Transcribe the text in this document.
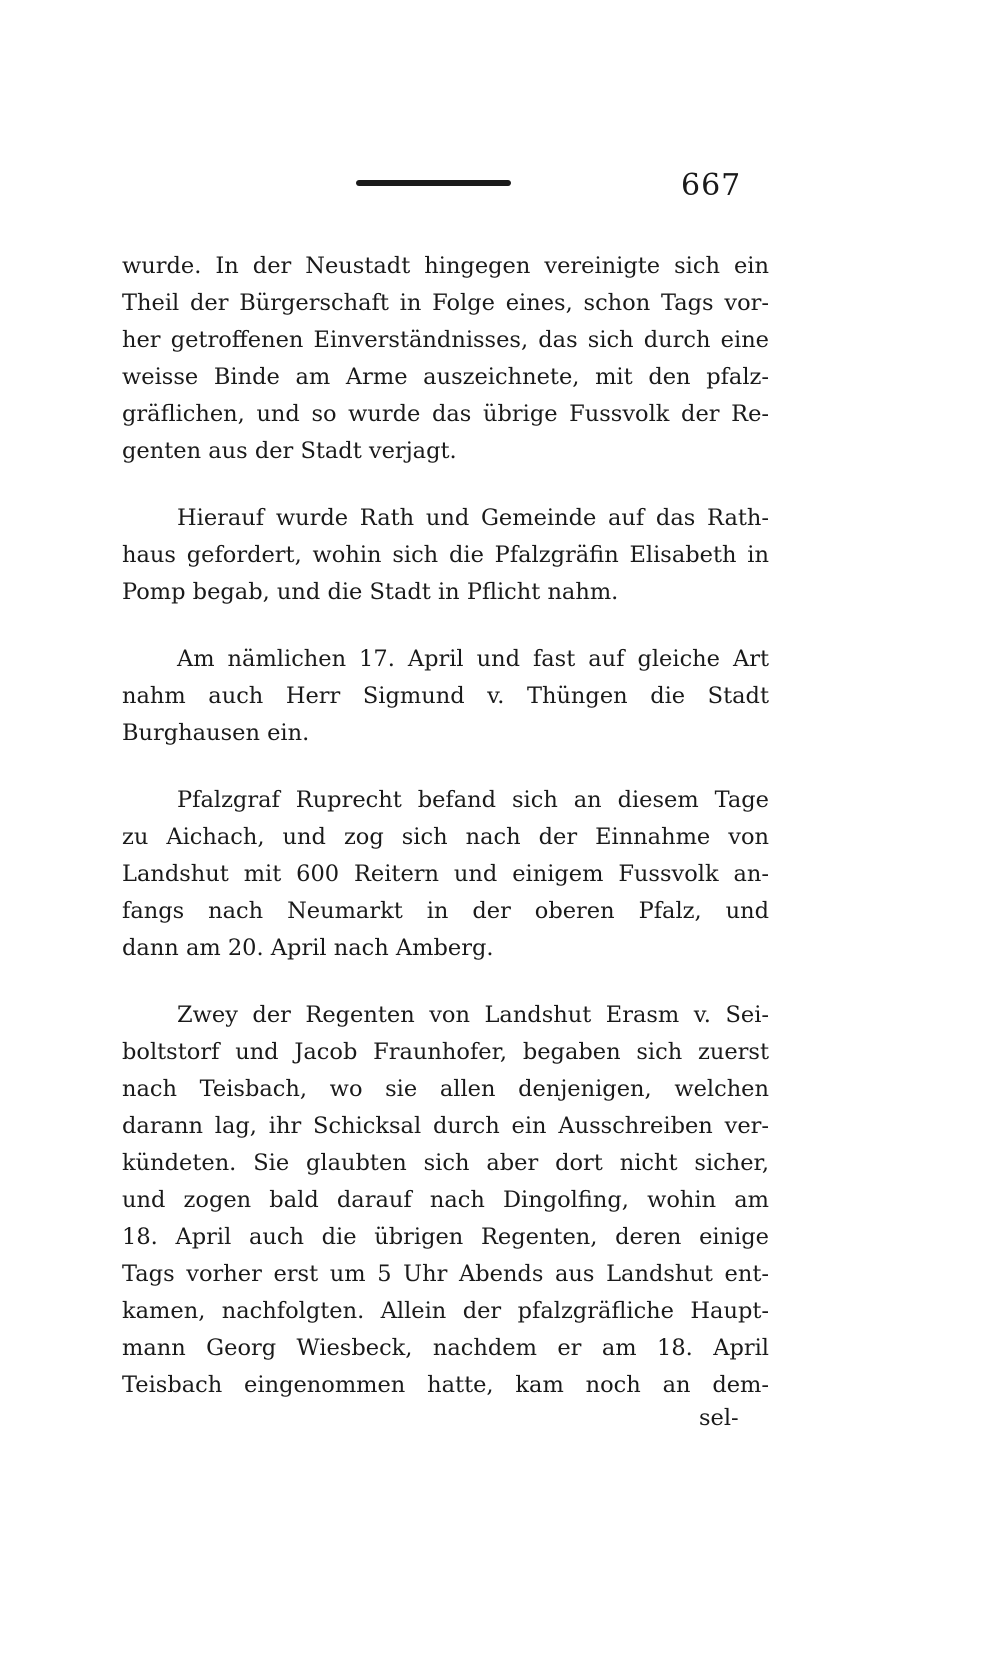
667
wurde. In der Neustadt hingegen vereinigte sich ein
Theil der Bürgerschaft in Folge eines, schon Tags vor-
her getroffenen Einverständnisses, das sich durch eine
weisse Binde am Arme auszeichnete, mit den pfalz-
gräflichen, und so wurde das übrige Fussvolk der Re-
genten aus der Stadt verjagt.
Hierauf wurde Rath und Gemeinde auf das Rath-
haus gefordert, wohin sich die Pfalzgräfin Elisabeth in
Pomp begab, und die Stadt in Pflicht nahm.
Am nämlichen 17. April und fast auf gleiche Art
nahm auch Herr Sigmund v. Thüngen die Stadt
Burghausen ein.
Pfalzgraf Ruprecht befand sich an diesem Tage
zu Aichach, und zog sich nach der Einnahme von
Landshut mit 600 Reitern und einigem Fussvolk an-
fangs nach Neumarkt in der oberen Pfalz, und
dann am 20. April nach Amberg.
Zwey der Regenten von Landshut Erasm v. Sei-
boltstorf und Jacob Fraunhofer, begaben sich zuerst
nach Teisbach, wo sie allen denjenigen, welchen
darann lag, ihr Schicksal durch ein Ausschreiben ver-
kündeten. Sie glaubten sich aber dort nicht sicher,
und zogen bald darauf nach Dingolfing, wohin am
18. April auch die übrigen Regenten, deren einige
Tags vorher erst um 5 Uhr Abends aus Landshut ent-
kamen, nachfolgten. Allein der pfalzgräfliche Haupt-
mann Georg Wiesbeck, nachdem er am 18. April
Teisbach eingenommen hatte, kam noch an dem-
sel-
